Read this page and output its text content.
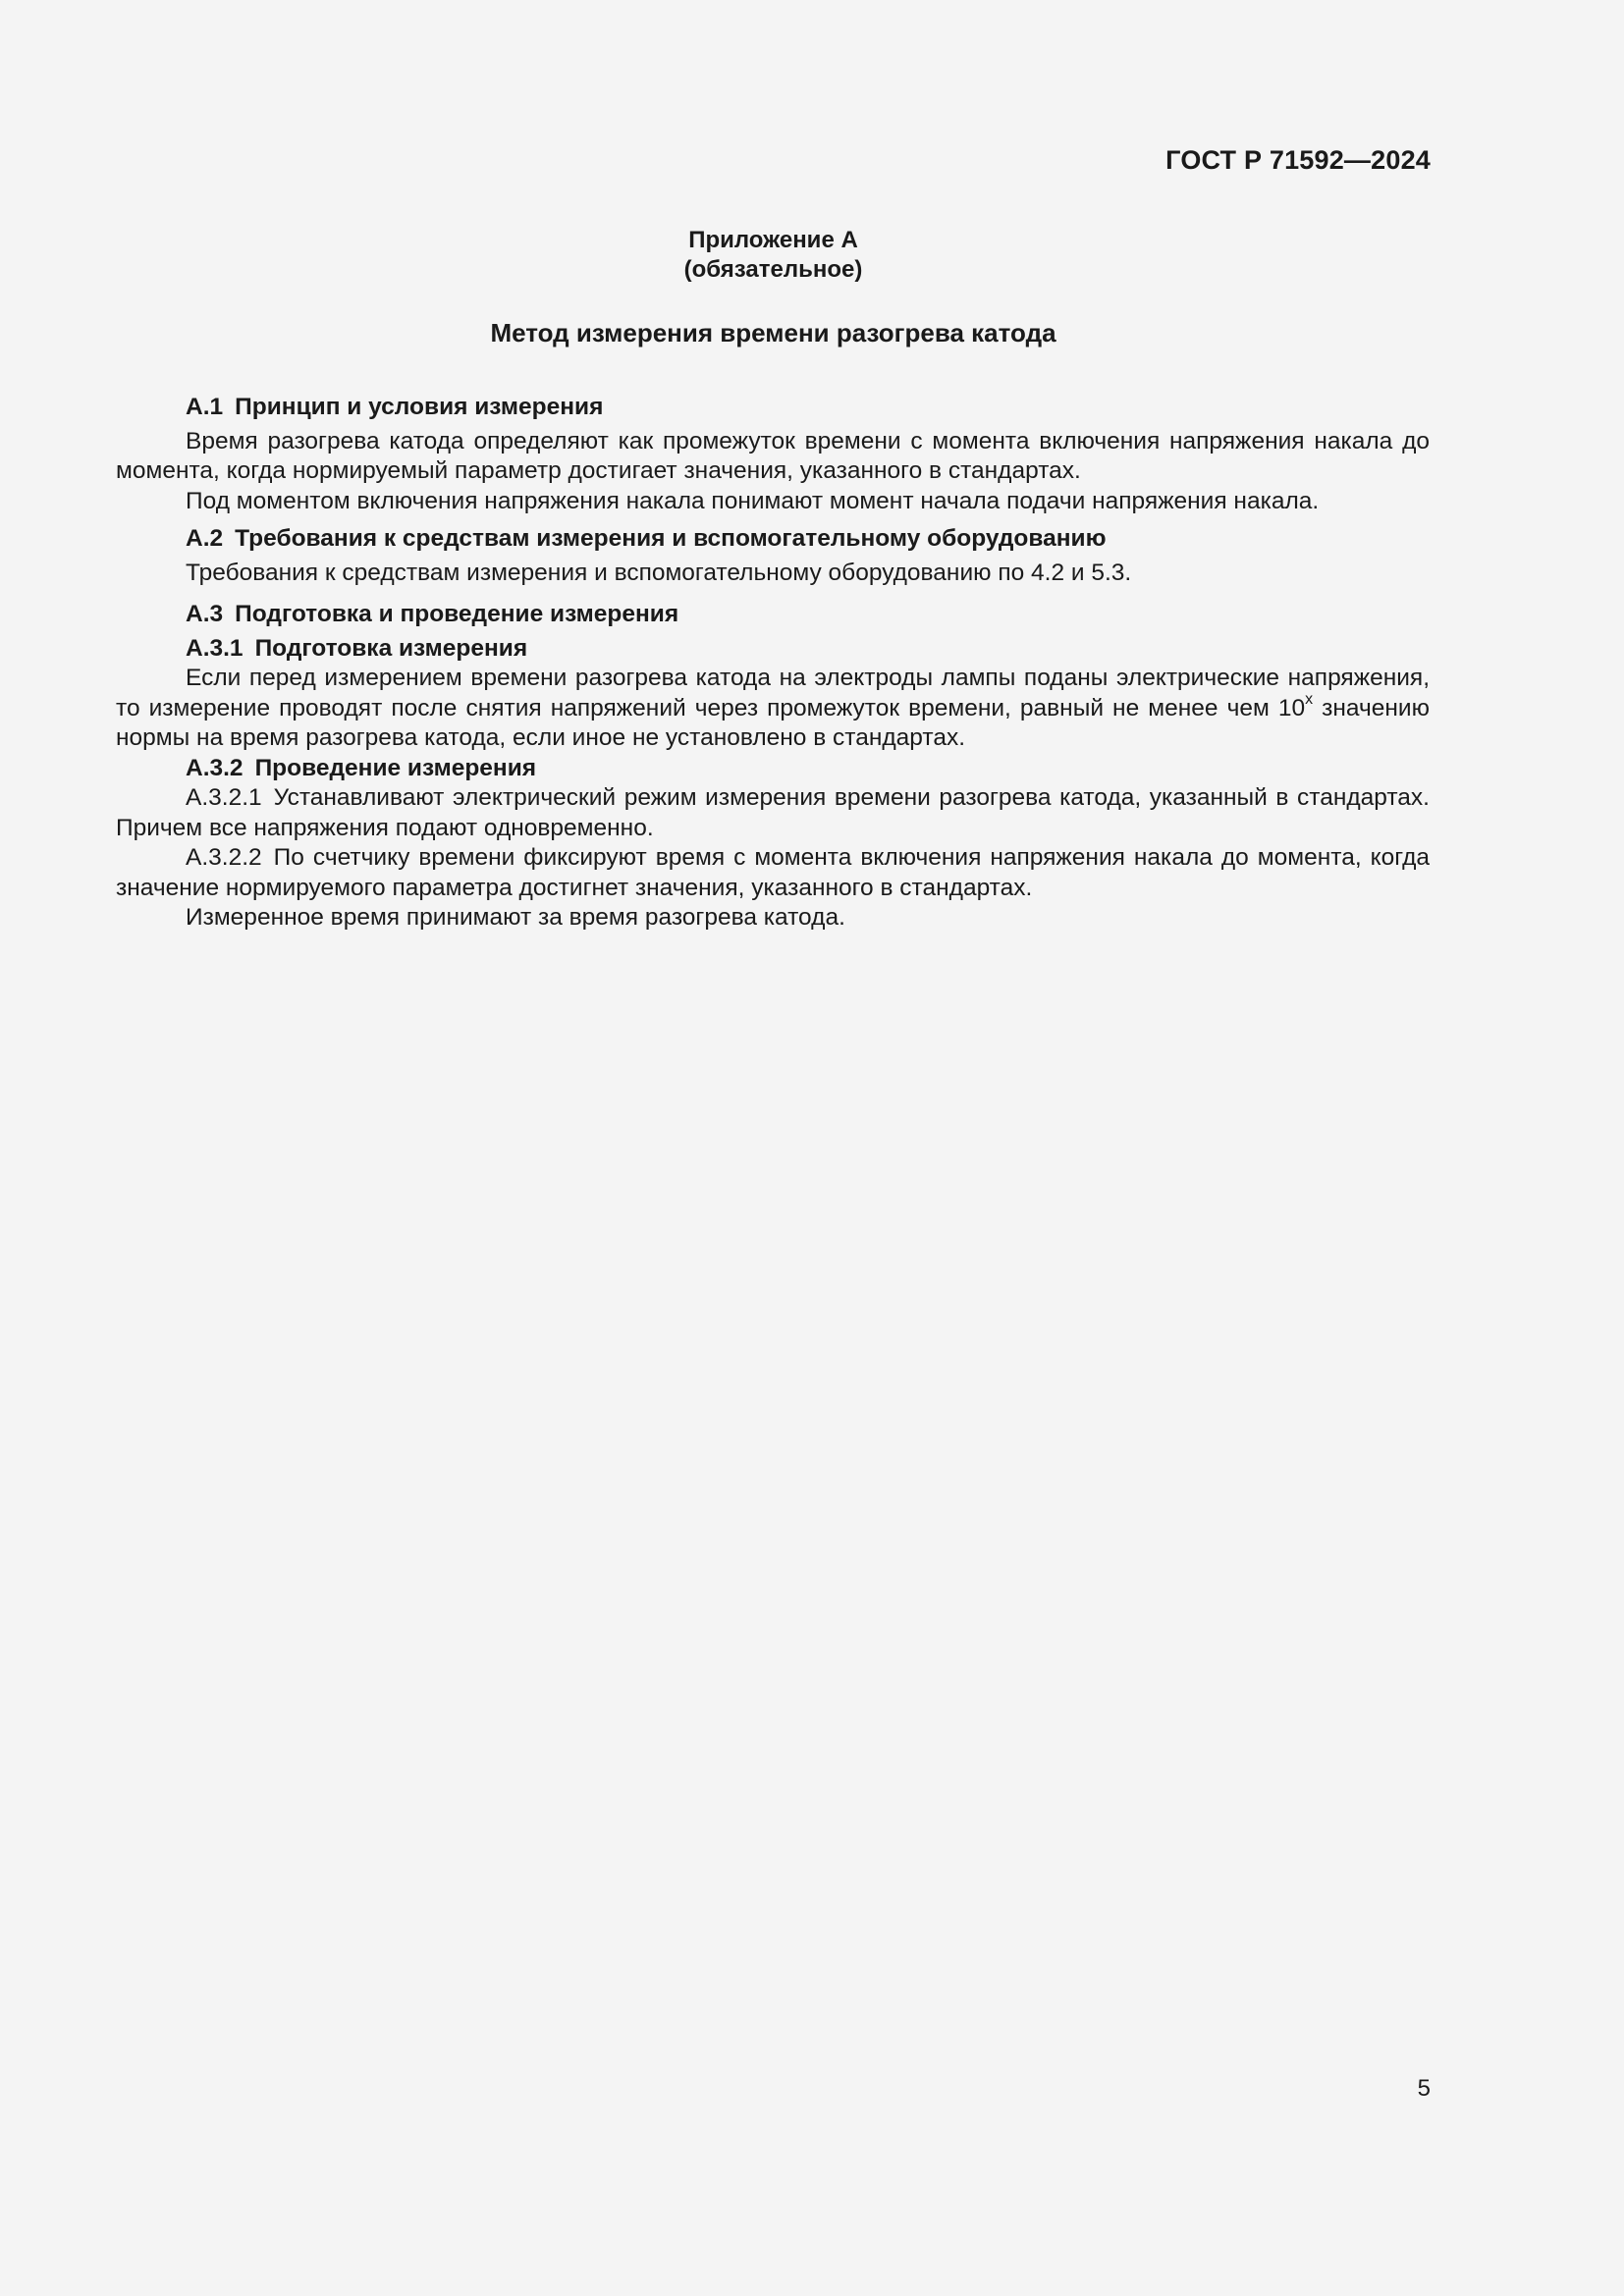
ГОСТ Р 71592—2024
Приложение А
(обязательное)
Метод измерения времени разогрева катода

А.1 Принцип и условия измерения

Время разогрева катода определяют как промежуток времени с момента включения напряжения накала до момента, когда нормируемый параметр достигает значения, указанного в стандартах.

Под моментом включения напряжения накала понимают момент начала подачи напряжения накала.

А.2 Требования к средствам измерения и вспомогательному оборудованию

Требования к средствам измерения и вспомогательному оборудованию по 4.2 и 5.3.

А.3 Подготовка и проведение измерения

А.3.1 Подготовка измерения

Если перед измерением времени разогрева катода на электроды лампы поданы электрические напряжения, то измерение проводят после снятия напряжений через промежуток времени, равный не менее чем $10^х$ значению нормы на время разогрева катода, если иное не установлено в стандартах.

А.3.2 Проведение измерения

А.3.2.1 Устанавливают электрический режим измерения времени разогрева катода, указанный в стандартах. Причем все напряжения подают одновременно.

А.3.2.2 По счетчику времени фиксируют время с момента включения напряжения накала до момента, когда значение нормируемого параметра достигнет значения, указанного в стандартах.

Измеренное время принимают за время разогрева катода.

5
